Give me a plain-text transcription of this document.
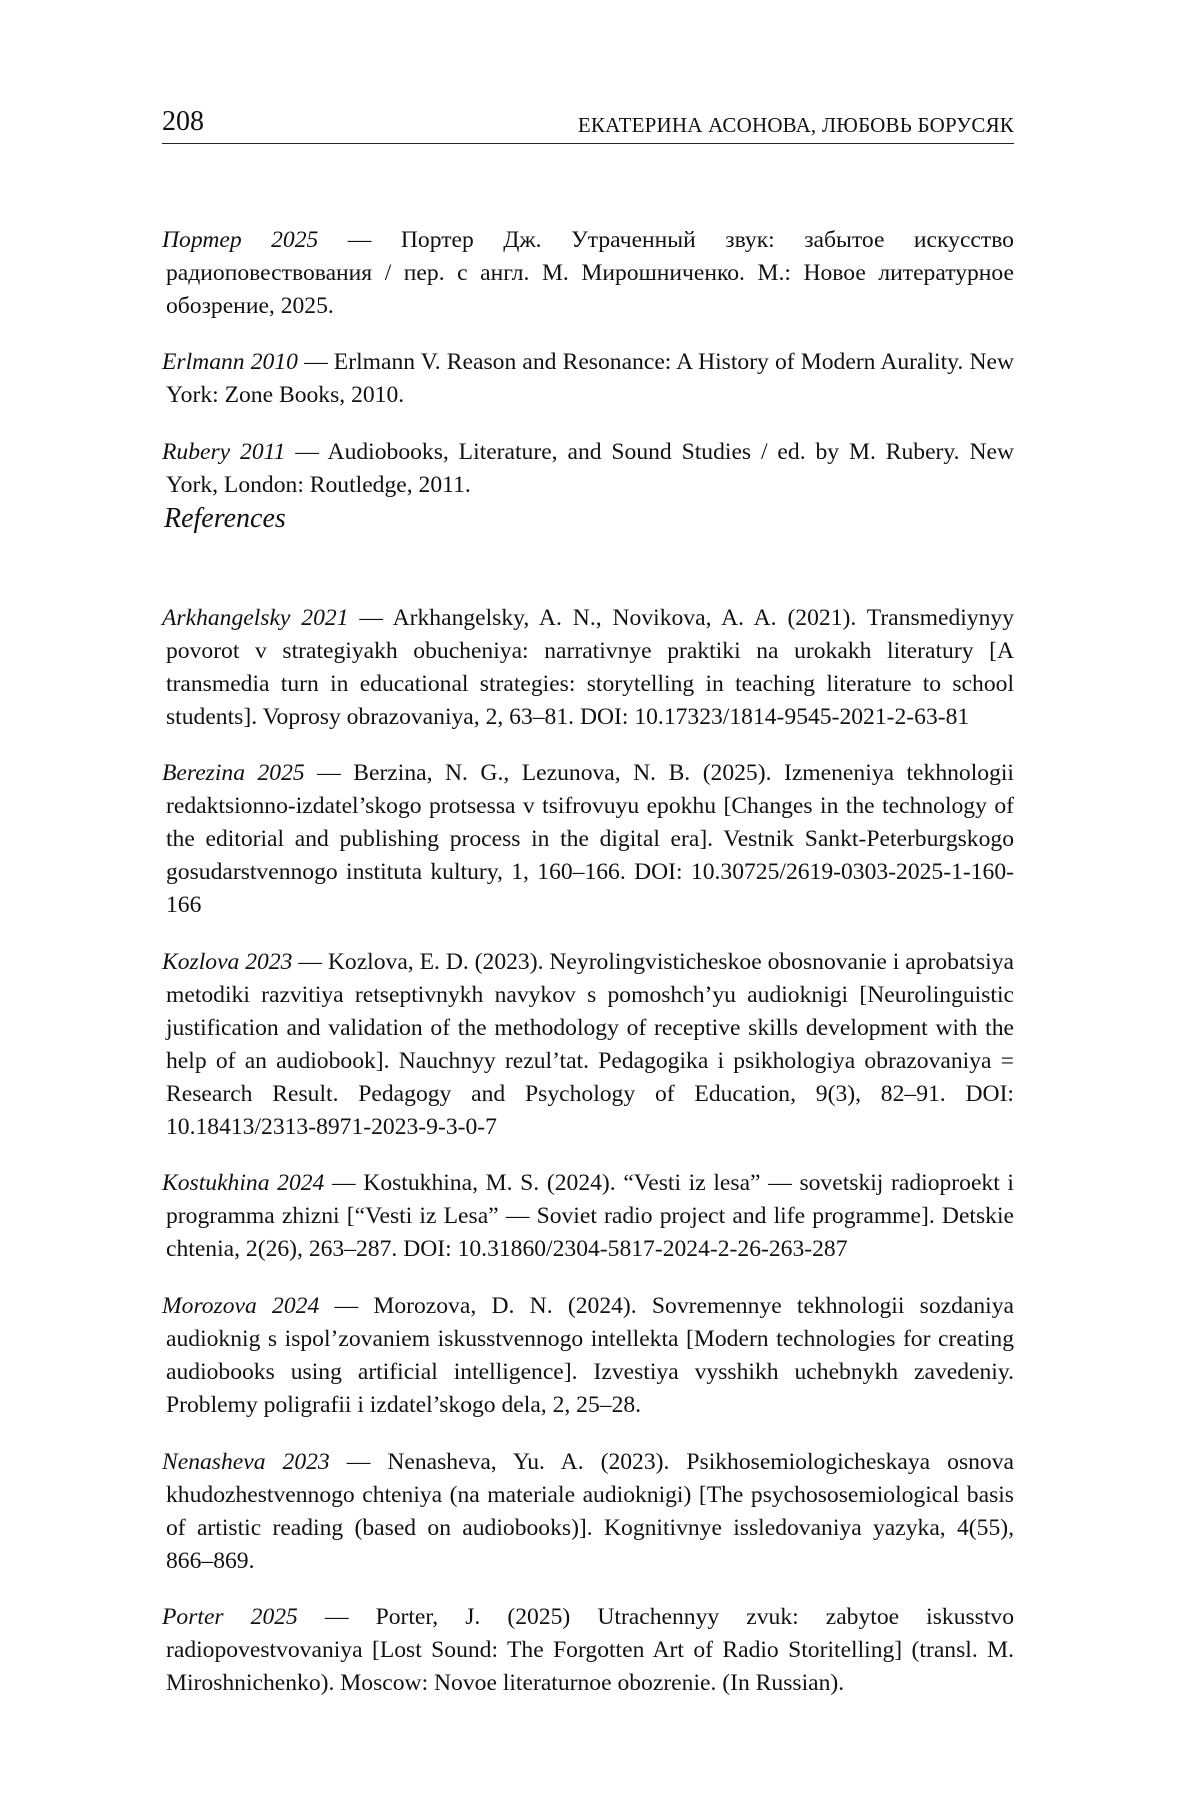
208	ЕКАТЕРИНА АСОНОВА, ЛЮБОВЬ БОРУСЯК

Портер 2025 — Портер Дж. Утраченный звук: забытое искусство радиоповествования / пер. с англ. М. Мирошниченко. М.: Новое литературное обозрение, 2025.

Erlmann 2010 — Erlmann V. Reason and Resonance: A History of Modern Aurality. New York: Zone Books, 2010.

Rubery 2011 — Audiobooks, Literature, and Sound Studies / ed. by M. Rubery. New York, London: Routledge, 2011.

References

Arkhangelsky 2021 — Arkhangelsky, A. N., Novikova, A. A. (2021). Transmediynyy povorot v strategiyakh obucheniya: narrativnye praktiki na urokakh literatury [A transmedia turn in educational strategies: storytelling in teaching literature to school students]. Voprosy obrazovaniya, 2, 63–81. DOI: 10.17323/1814-9545-2021-2-63-81

Berezina 2025 — Berzina, N. G., Lezunova, N. B. (2025). Izmeneniya tekhnologii redaktsionno-izdatel’skogo protsessa v tsifrovuyu epokhu [Changes in the technology of the editorial and publishing process in the digital era]. Vestnik Sankt-Peterburgskogo gosudarstvennogo instituta kultury, 1, 160–166. DOI: 10.30725/2619-0303-2025-1-160-166

Kozlova 2023 — Kozlova, E. D. (2023). Neyrolingvisticheskoe obosnovanie i aprobatsiya metodiki razvitiya retseptivnykh navykov s pomoshch’yu audioknigi [Neurolinguistic justification and validation of the methodology of receptive skills development with the help of an audiobook]. Nauchnyy rezul’tat. Pedagogika i psikhologiya obrazovaniya = Research Result. Pedagogy and Psychology of Education, 9(3), 82–91. DOI: 10.18413/2313-8971-2023-9-3-0-7

Kostukhina 2024 — Kostukhina, M. S. (2024). “Vesti iz lesa” — sovetskij radioproekt i programma zhizni [“Vesti iz Lesa” — Soviet radio project and life programme]. Detskie chtenia, 2(26), 263–287. DOI: 10.31860/2304-5817-2024-2-26-263-287

Morozova 2024 — Morozova, D. N. (2024). Sovremennye tekhnologii sozdaniya audioknig s ispol’zovaniem iskusstvennogo intellekta [Modern technologies for creating audiobooks using artificial intelligence]. Izvestiya vysshikh uchebnykh zavedeniy. Problemy poligrafii i izdatel’skogo dela, 2, 25–28.

Nenasheva 2023 — Nenasheva, Yu. A. (2023). Psikhosemiologicheskaya osnova khudozhestvennogo chteniya (na materiale audioknigi) [The psychososemiological basis of artistic reading (based on audiobooks)]. Kognitivnye issledovaniya yazyka, 4(55), 866–869.

Porter 2025 — Porter, J. (2025) Utrachennyy zvuk: zabytoe iskusstvo radiopovestvovaniya [Lost Sound: The Forgotten Art of Radio Storitelling] (transl. M. Miroshnichenko). Moscow: Novoe literaturnoe obozrenie. (In Russian).
